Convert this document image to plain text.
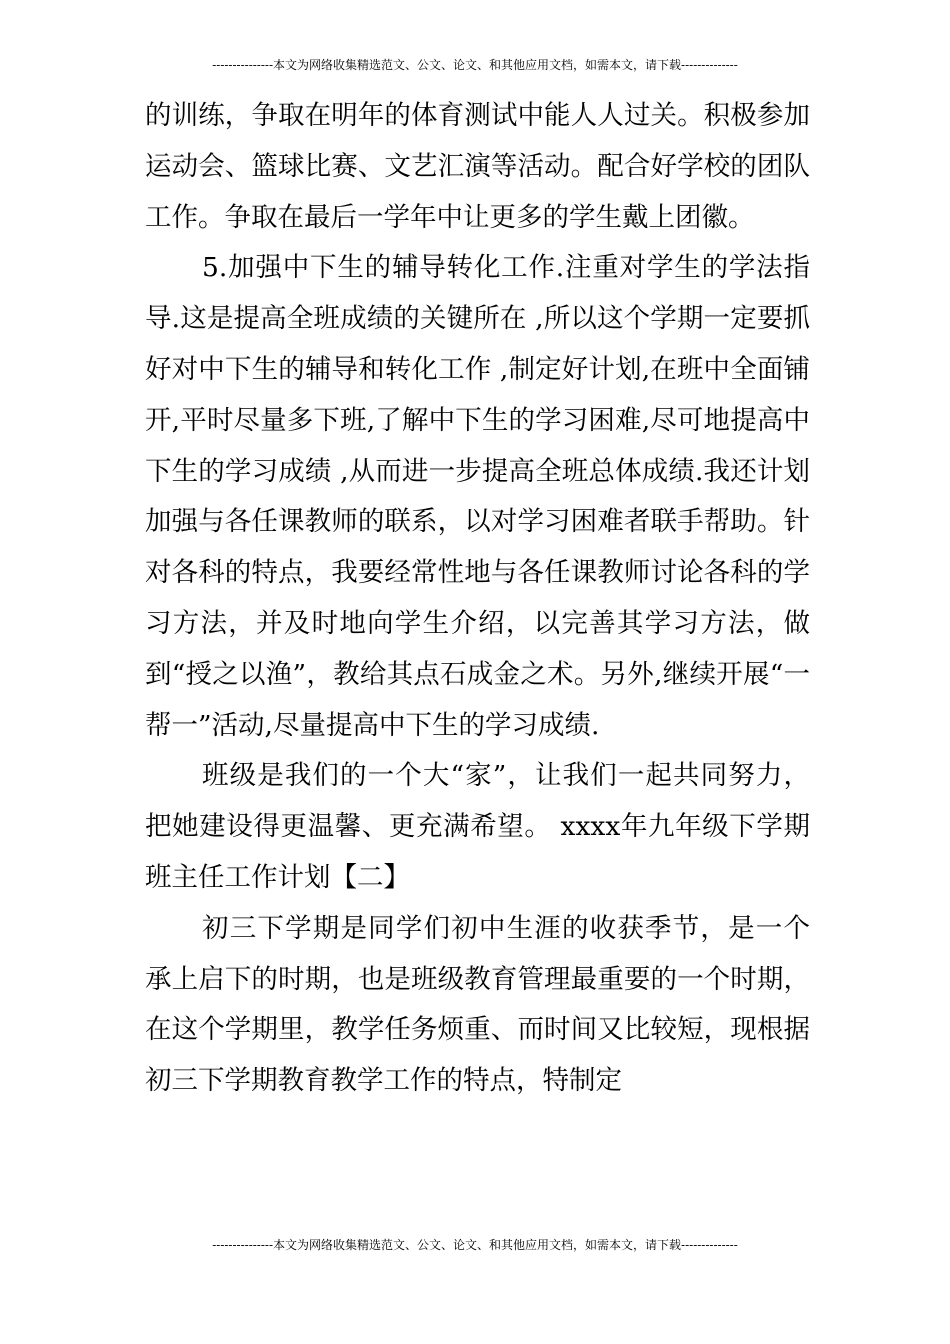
---------------本文为网络收集精选范文、公文、论文、和其他应用文档，如需本文，请下载--------------

的训练，争取在明年的体育测试中能人人过关。积极参加运动会、篮球比赛、文艺汇演等活动。配合好学校的团队工作。争取在最后一学年中让更多的学生戴上团徽。

5.加强中下生的辅导转化工作.注重对学生的学法指导.这是提高全班成绩的关键所在 ,所以这个学期一定要抓好对中下生的辅导和转化工作 ,制定好计划,在班中全面铺开,平时尽量多下班,了解中下生的学习困难,尽可地提高中下生的学习成绩 ,从而进一步提高全班总体成绩.我还计划加强与各任课教师的联系，以对学习困难者联手帮助。针对各科的特点，我要经常性地与各任课教师讨论各科的学习方法，并及时地向学生介绍，以完善其学习方法，做到“授之以渔”，教给其点石成金之术。另外,继续开展“一帮一”活动,尽量提高中下生的学习成绩.

班级是我们的一个大“家”，让我们一起共同努力，把她建设得更温馨、更充满希望。 xxxx年九年级下学期班主任工作计划【二】

初三下学期是同学们初中生涯的收获季节，是一个承上启下的时期，也是班级教育管理最重要的一个时期，在这个学期里，教学任务烦重、而时间又比较短，现根据初三下学期教育教学工作的特点，特制定

---------------本文为网络收集精选范文、公文、论文、和其他应用文档，如需本文，请下载--------------
